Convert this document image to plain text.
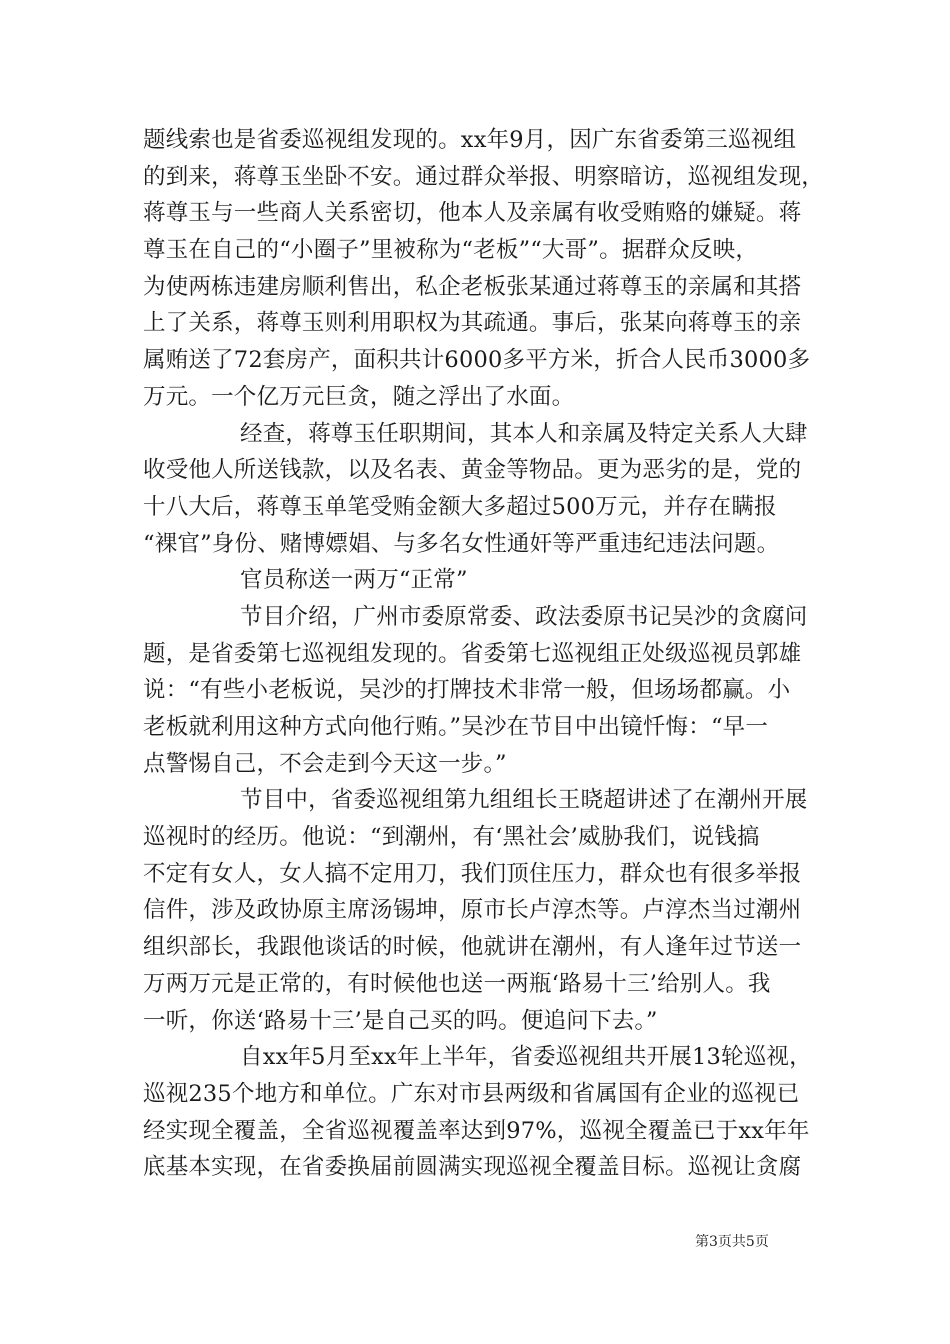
题线索也是省委巡视组发现的。xx年9月，因广东省委第三巡视组
的到来，蒋尊玉坐卧不安。通过群众举报、明察暗访，巡视组发现，
蒋尊玉与一些商人关系密切，他本人及亲属有收受贿赂的嫌疑。蒋
尊玉在自己的“小圈子”里被称为“老板”“大哥”。据群众反映，
为使两栋违建房顺利售出，私企老板张某通过蒋尊玉的亲属和其搭
上了关系，蒋尊玉则利用职权为其疏通。事后，张某向蒋尊玉的亲
属贿送了72套房产，面积共计6000多平方米，折合人民币3000多
万元。一个亿万元巨贪，随之浮出了水面。
经查，蒋尊玉任职期间，其本人和亲属及特定关系人大肆
收受他人所送钱款，以及名表、黄金等物品。更为恶劣的是，党的
十八大后，蒋尊玉单笔受贿金额大多超过500万元，并存在瞒报
“裸官”身份、赌博嫖娼、与多名女性通奸等严重违纪违法问题。
官员称送一两万“正常”
节目介绍，广州市委原常委、政法委原书记吴沙的贪腐问
题，是省委第七巡视组发现的。省委第七巡视组正处级巡视员郭雄
说：“有些小老板说，吴沙的打牌技术非常一般，但场场都赢。小
老板就利用这种方式向他行贿。”吴沙在节目中出镜忏悔：“早一
点警惕自己，不会走到今天这一步。”
节目中，省委巡视组第九组组长王晓超讲述了在潮州开展
巡视时的经历。他说：“到潮州，有‘黑社会’威胁我们，说钱搞
不定有女人，女人搞不定用刀，我们顶住压力，群众也有很多举报
信件，涉及政协原主席汤锡坤，原市长卢淳杰等。卢淳杰当过潮州
组织部长，我跟他谈话的时候，他就讲在潮州，有人逢年过节送一
万两万元是正常的，有时候他也送一两瓶‘路易十三’给别人。我
一听，你送‘路易十三’是自己买的吗。便追问下去。”
自xx年5月至xx年上半年，省委巡视组共开展13轮巡视，
巡视235个地方和单位。广东对市县两级和省属国有企业的巡视已
经实现全覆盖，全省巡视覆盖率达到97%，巡视全覆盖已于xx年年
底基本实现，在省委换届前圆满实现巡视全覆盖目标。巡视让贪腐
第3页共5页
